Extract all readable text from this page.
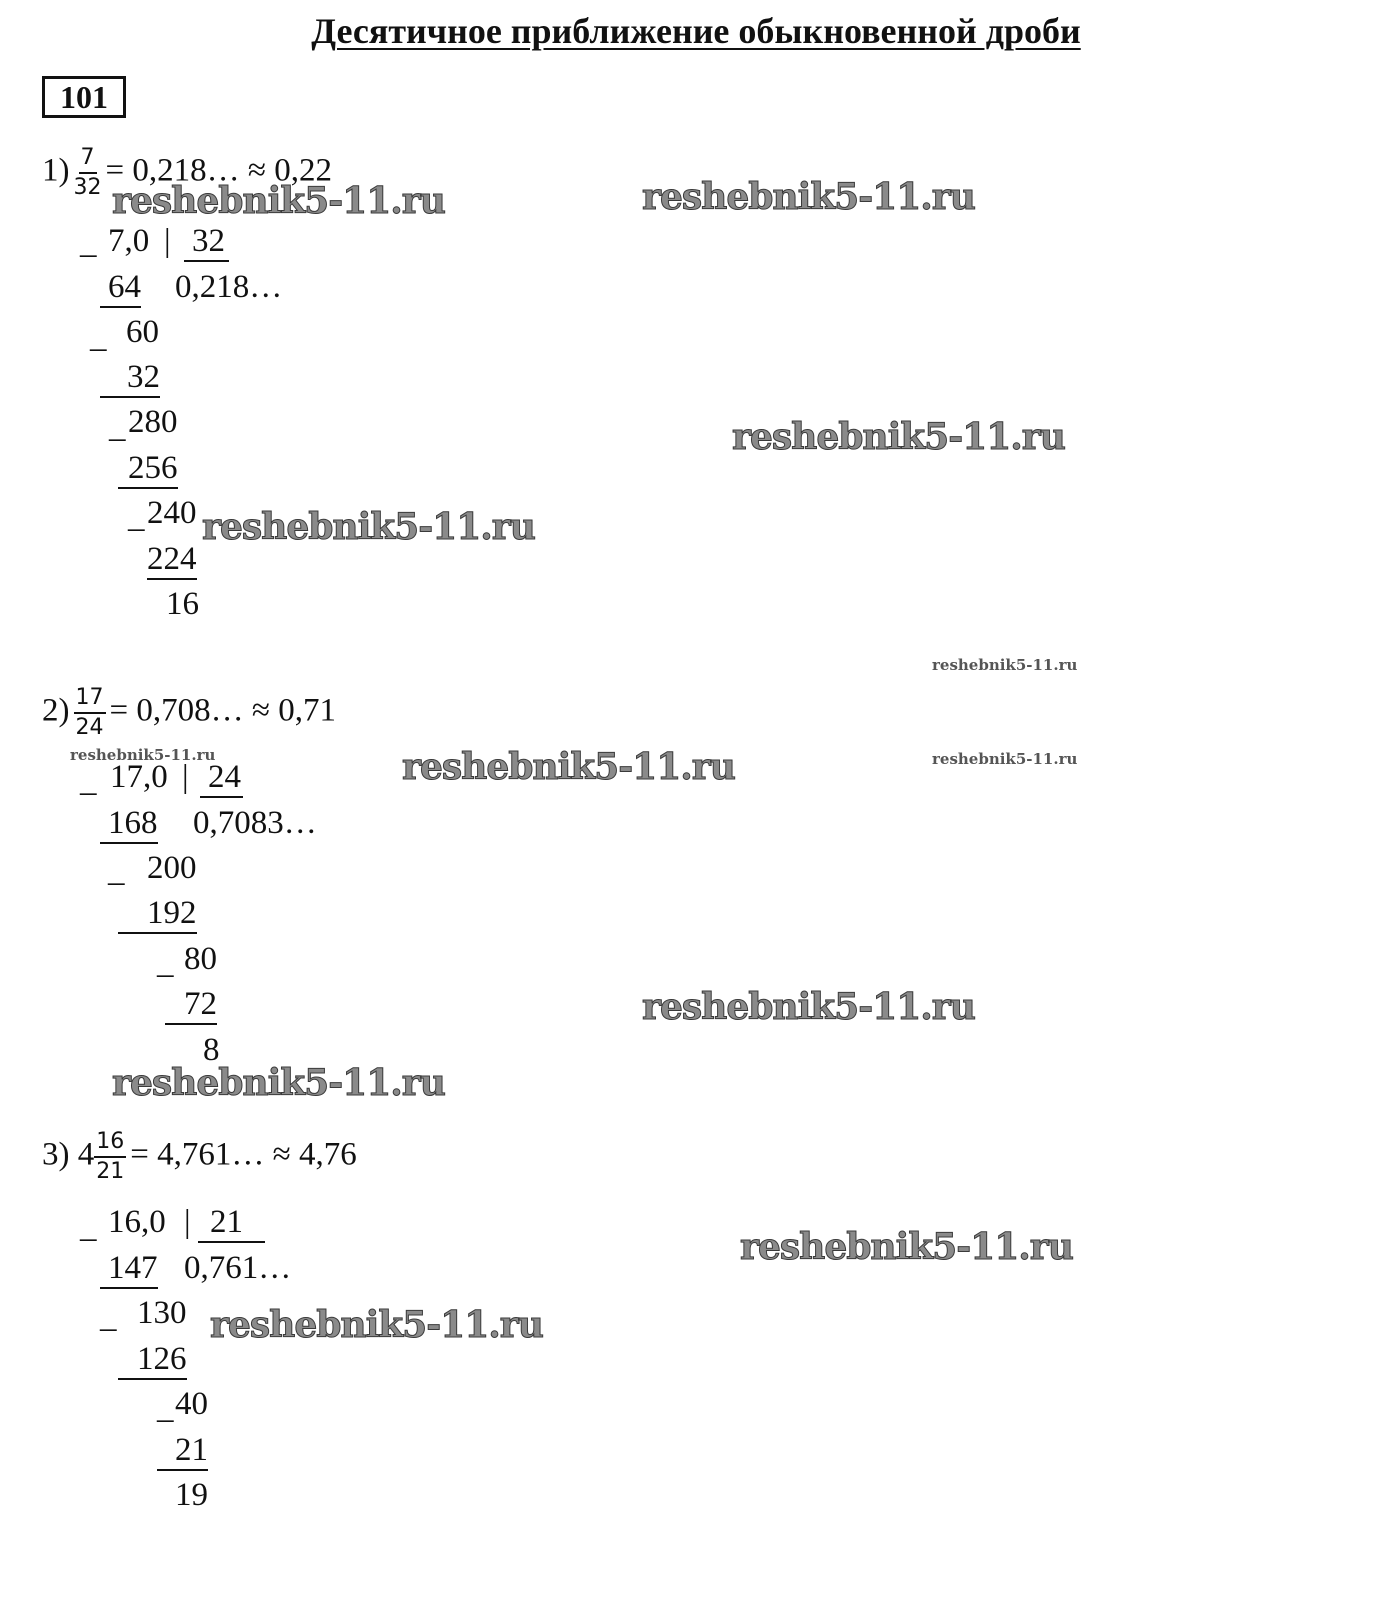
Десятичное приближение обыкновенной дроби
101
$1) \frac{7}{32}$ = 0,218… ≈ 0,22
_ 7,0 | 32
64 0,218…
_ 60
32
_ 280
256
_ 240
224
16
$2) \frac{17}{24}$ = 0,708… ≈ 0,71
_ 17,0 | 24
168 0,7083…
_ 200
192
_ 80
72
8
3) $4 \frac{16}{21}$ = 4,761… ≈ 4,76
_ 16,0 | 21
147 0,761…
_ 130
126
_ 40
21
19
reshebnik5-11.ru	reshebnik5-11.ru
reshebnik5-11.ru
reshebnik5-11.ru
reshebnik5-11.ru
reshebnik5-11.ru	reshebnik5-11.ru	reshebnik5-11.ru
reshebnik5-11.ru
reshebnik5-11.ru
reshebnik5-11.ru
reshebnik5-11.ru
